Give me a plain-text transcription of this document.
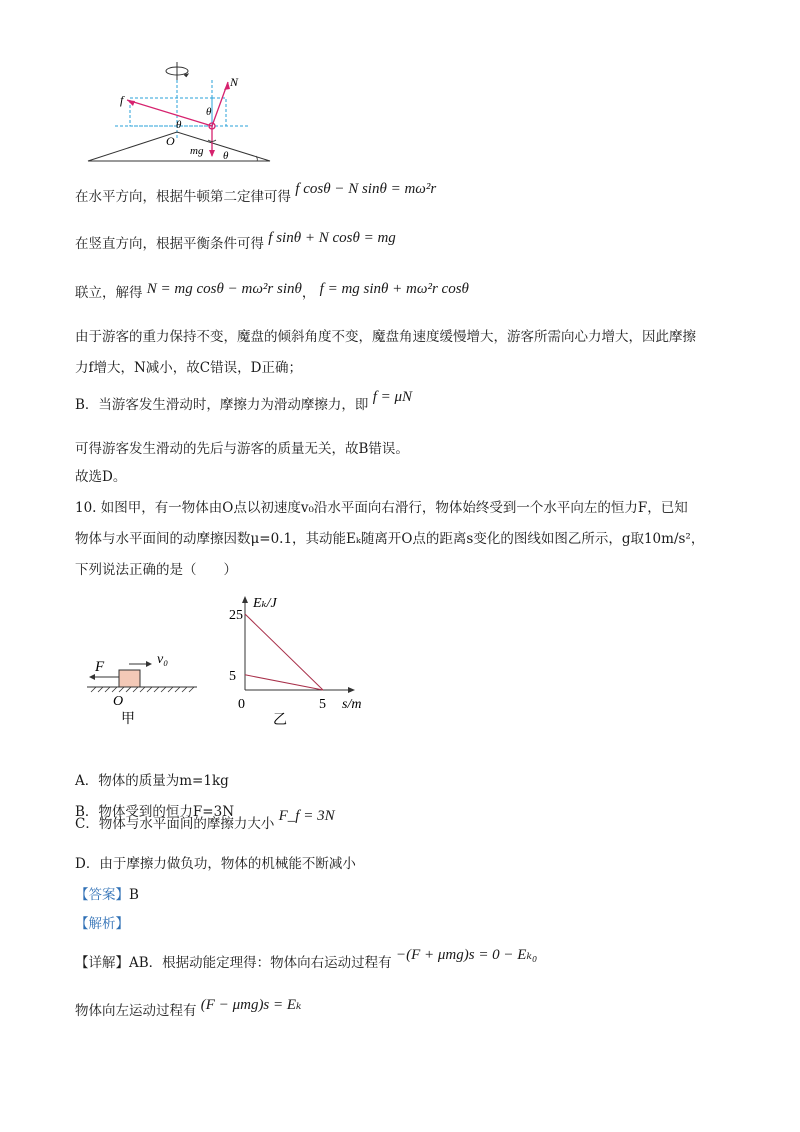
N
f
θ
θ
O
mg θ
在水平方向，根据牛顿第二定律可得 f cosθ − N sinθ = mω²r
在竖直方向，根据平衡条件可得 f sinθ + N cosθ = mg
联立，解得 N = mg cosθ − mω²r sinθ， f = mg sinθ + mω²r cosθ
由于游客的重力保持不变，魔盘的倾斜角度不变，魔盘角速度缓慢增大，游客所需向心力增大，因此摩擦
力f增大，N减小，故C错误，D正确；
B．当游客发生滑动时，摩擦力为滑动摩擦力，即 f = μN
可得游客发生滑动的先后与游客的质量无关，故B错误。
故选D。
10. 如图甲，有一物体由O点以初速度v₀沿水平面向右滑行，物体始终受到一个水平向左的恒力F，已知
物体与水平面间的动摩擦因数μ=0.1，其动能Eₖ随离开O点的距离s变化的图线如图乙所示，g取10m/s²，
下列说法正确的是（　　）
F	v₀
O
甲
Eₖ/J
s/m
0
乙
25
5
5
A．物体的质量为m=1kg
B．物体受到的恒力F=3N
C．物体与水平面间的摩擦力大小 F_f = 3N
D．由于摩擦力做负功，物体的机械能不断减小
【答案】B
【解析】
【详解】AB．根据动能定理得：物体向右运动过程有 −(F + μmg)s = 0 − Eₖ₀
物体向左运动过程有 (F − μmg)s = Eₖ
